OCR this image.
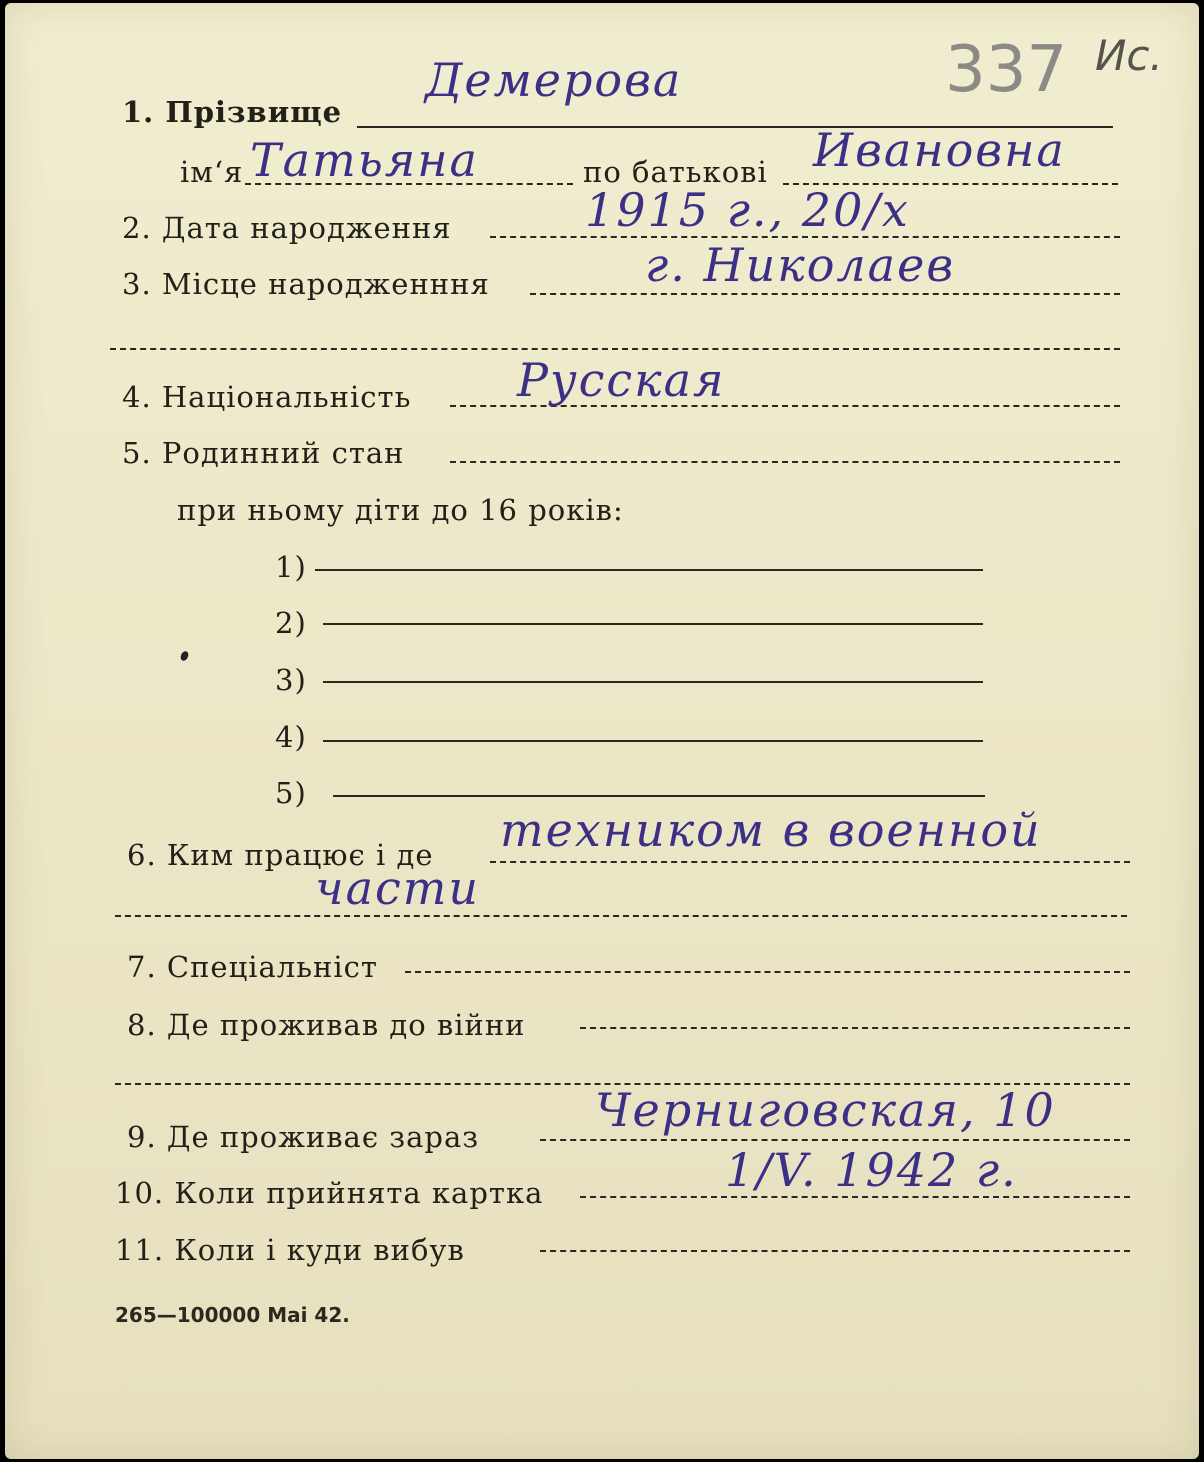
337 Ис.
1. Прізвище
Демерова
ім‘я Татьяна	по батькові Ивановна
2. Дата народження	1915 г., 20/х
3. Місце народженння	г. Николаев
4. Національність Русская
5. Родинний стан
при ньому діти до 16 років:
1)
2)
3)
4)
5)
6. Ким працює і де техником в военной
части
7. Спеціальніст
8. Де проживав до війни
9. Де проживає зараз	Черниговская, 10
10. Коли прийнята картка	1/V. 1942 г.
11. Коли і куди вибув
265—100000 Mai 42.
